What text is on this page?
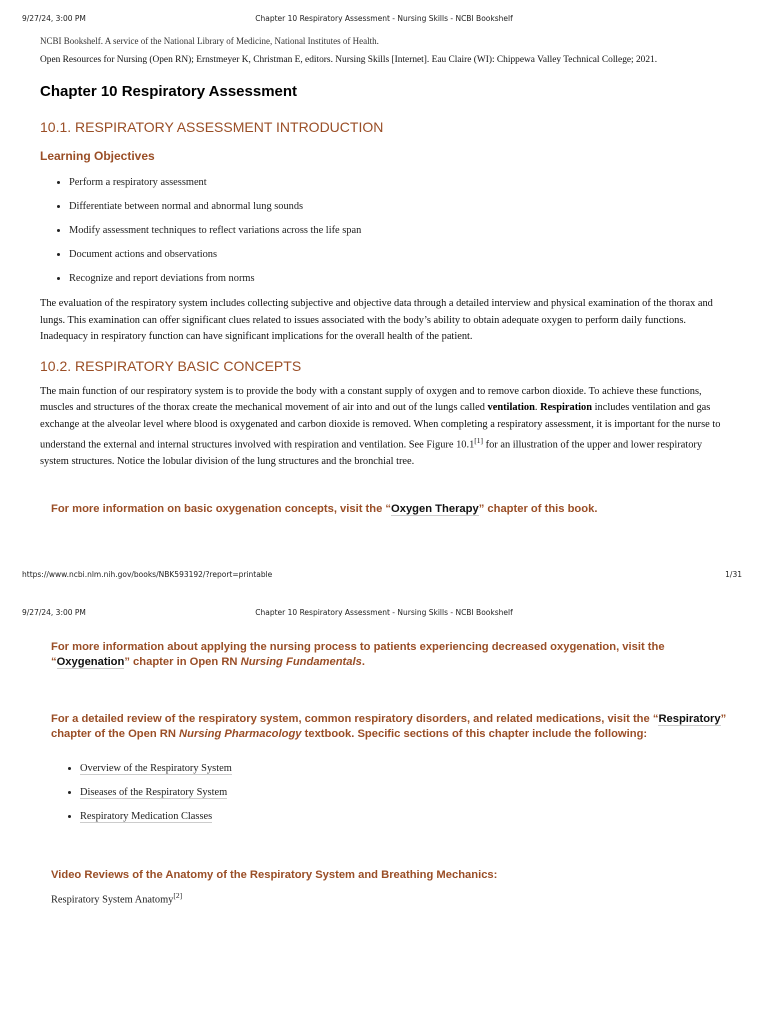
9/27/24, 3:00 PM	Chapter 10 Respiratory Assessment - Nursing Skills - NCBI Bookshelf

NCBI Bookshelf. A service of the National Library of Medicine, National Institutes of Health.

Open Resources for Nursing (Open RN); Ernstmeyer K, Christman E, editors. Nursing Skills [Internet]. Eau Claire (WI): Chippewa Valley Technical College; 2021.

Chapter 10 Respiratory Assessment
10.1. RESPIRATORY ASSESSMENT INTRODUCTION
Learning Objectives
• Perform a respiratory assessment
• Differentiate between normal and abnormal lung sounds
• Modify assessment techniques to reflect variations across the life span
• Document actions and observations
• Recognize and report deviations from norms

The evaluation of the respiratory system includes collecting subjective and objective data through a detailed interview and physical examination of the thorax and lungs. This examination can offer significant clues related to issues associated with the body’s ability to obtain adequate oxygen to perform daily functions. Inadequacy in respiratory function can have significant implications for the overall health of the patient.

10.2. RESPIRATORY BASIC CONCEPTS

The main function of our respiratory system is to provide the body with a constant supply of oxygen and to remove carbon dioxide. To achieve these functions, muscles and structures of the thorax create the mechanical movement of air into and out of the lungs called ventilation. Respiration includes ventilation and gas exchange at the alveolar level where blood is oxygenated and carbon dioxide is removed. When completing a respiratory assessment, it is important for the nurse to understand the external and internal structures involved with respiration and ventilation. See Figure 10.1[1] for an illustration of the upper and lower respiratory system structures. Notice the lobular division of the lung structures and the bronchial tree.

For more information on basic oxygenation concepts, visit the “Oxygen Therapy” chapter of this book.

https://www.ncbi.nlm.nih.gov/books/NBK593192/?report=printable	1/31
9/27/24, 3:00 PM	Chapter 10 Respiratory Assessment - Nursing Skills - NCBI Bookshelf

For more information about applying the nursing process to patients experiencing decreased oxygenation, visit the “Oxygenation” chapter in Open RN Nursing Fundamentals.

For a detailed review of the respiratory system, common respiratory disorders, and related medications, visit the “Respiratory” chapter of the Open RN Nursing Pharmacology textbook. Specific sections of this chapter include the following:

• Overview of the Respiratory System
• Diseases of the Respiratory System
• Respiratory Medication Classes

Video Reviews of the Anatomy of the Respiratory System and Breathing Mechanics:

Respiratory System Anatomy[2]
